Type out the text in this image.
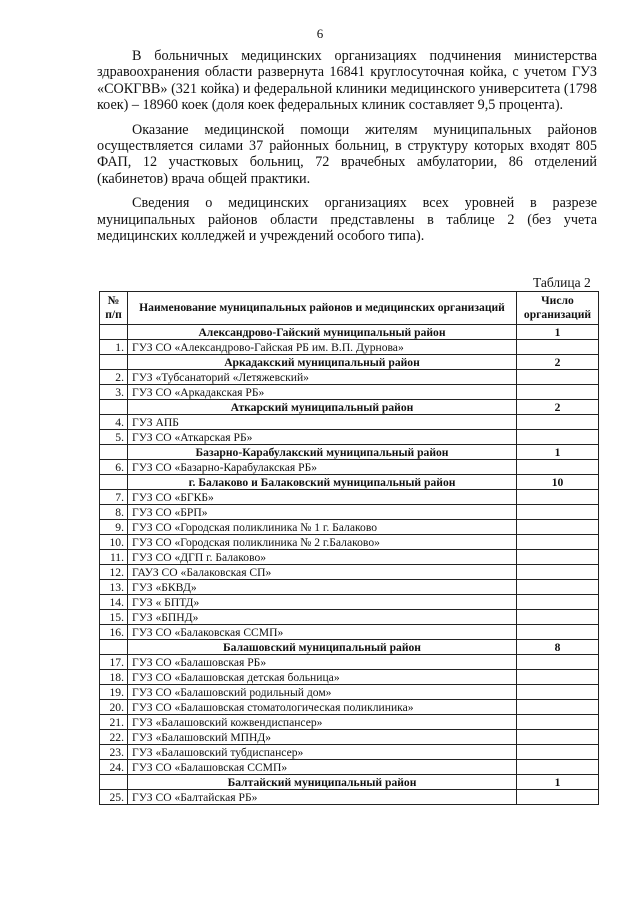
6

В больничных медицинских организациях подчинения министерства здравоохранения области развернута 16841 круглосуточная койка, с учетом ГУЗ «СОКГВВ» (321 койка) и федеральной клиники медицинского университета (1798 коек) – 18960 коек (доля коек федеральных клиник составляет 9,5 процента).

Оказание медицинской помощи жителям муниципальных районов осуществляется силами 37 районных больниц, в структуру которых входят 805 ФАП, 12 участковых больниц, 72 врачебных амбулатории, 86 отделений (кабинетов) врача общей практики.

Сведения о медицинских организациях всех уровней в разрезе муниципальных районов области представлены в таблице 2 (без учета медицинских колледжей и учреждений особого типа).

Таблица 2
№ п/п	Наименование муниципальных районов и медицинских организаций	Число организаций
	Александрово-Гайский муниципальный район	1
1.	ГУЗ СО «Александрово-Гайская РБ им. В.П. Дурнова»	
	Аркадакский муниципальный район	2
2.	ГУЗ «Тубсанаторий «Летяжевский»	
3.	ГУЗ СО «Аркадакская РБ»	
	Аткарский муниципальный район	2
4.	ГУЗ АПБ	
5.	ГУЗ СО «Аткарская РБ»	
	Базарно-Карабулакский муниципальный район	1
6.	ГУЗ СО «Базарно-Карабулакская РБ»	
	г. Балаково и Балаковский муниципальный район	10
7.	ГУЗ СО «БГКБ»	
8.	ГУЗ СО «БРП»	
9.	ГУЗ СО «Городская поликлиника № 1 г. Балаково	
10.	ГУЗ СО «Городская поликлиника № 2 г.Балаково»	
11.	ГУЗ СО «ДГП г. Балаково»	
12.	ГАУЗ СО «Балаковская СП»	
13.	ГУЗ «БКВД»	
14.	ГУЗ « БПТД»	
15.	ГУЗ «БПНД»	
16.	ГУЗ СО «Балаковская ССМП»	
	Балашовский муниципальный район	8
17.	ГУЗ СО «Балашовская РБ»	
18.	ГУЗ СО «Балашовская детская больница»	
19.	ГУЗ СО «Балашовский родильный дом»	
20.	ГУЗ СО «Балашовская стоматологическая поликлиника»	
21.	ГУЗ «Балашовский кожвендиспансер»	
22.	ГУЗ «Балашовский МПНД»	
23.	ГУЗ «Балашовский тубдиспансер»	
24.	ГУЗ СО «Балашовская ССМП»	
	Балтайский муниципальный район	1
25.	ГУЗ СО «Балтайская РБ»	
